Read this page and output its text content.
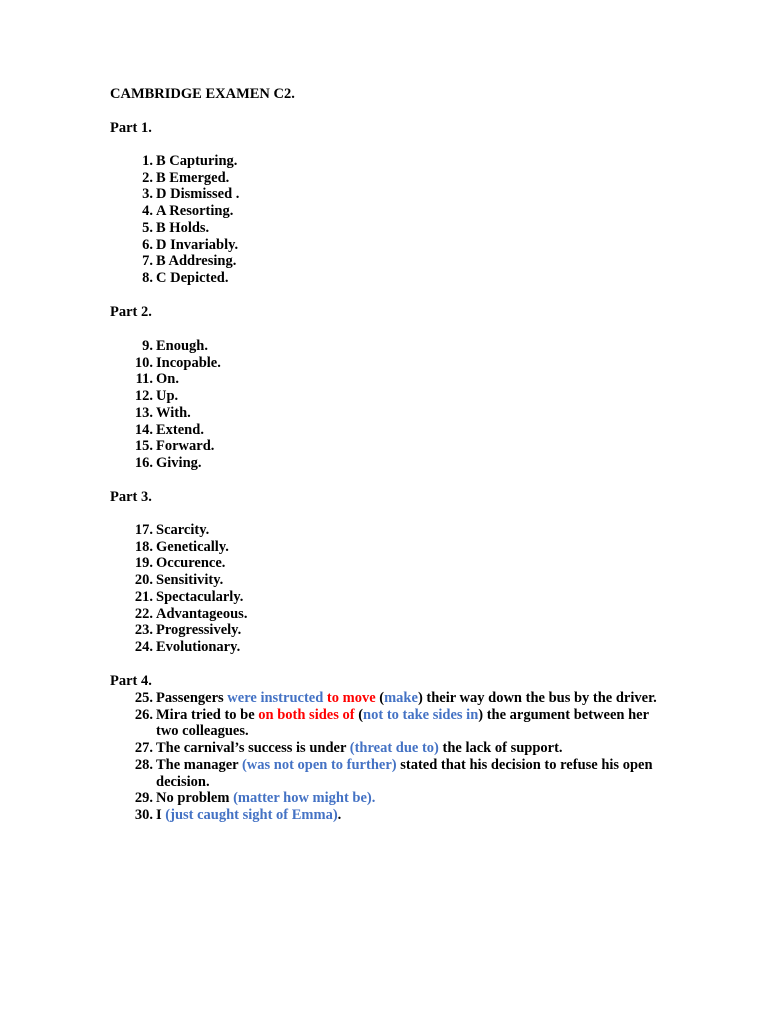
CAMBRIDGE EXAMEN C2.
Part 1.
1. B Capturing.
2. B Emerged.
3. D Dismissed .
4. A Resorting.
5. B Holds.
6. D Invariably.
7. B Addresing.
8. C Depicted.
Part 2.
9. Enough.
10. Incopable.
11. On.
12. Up.
13. With.
14. Extend.
15. Forward.
16. Giving.
Part 3.
17. Scarcity.
18. Genetically.
19. Occurence.
20. Sensitivity.
21. Spectacularly.
22. Advantageous.
23. Progressively.
24. Evolutionary.
Part 4.
25. Passengers were instructed to move (make) their way down the bus by the driver.
26. Mira tried to be on both sides of (not to take sides in) the argument between her two colleagues.
27. The carnival’s success is under (threat due to) the lack of support.
28. The manager (was not open to further) stated that his decision to refuse his open decision.
29. No problem (matter how might be).
30. I (just caught sight of Emma).
